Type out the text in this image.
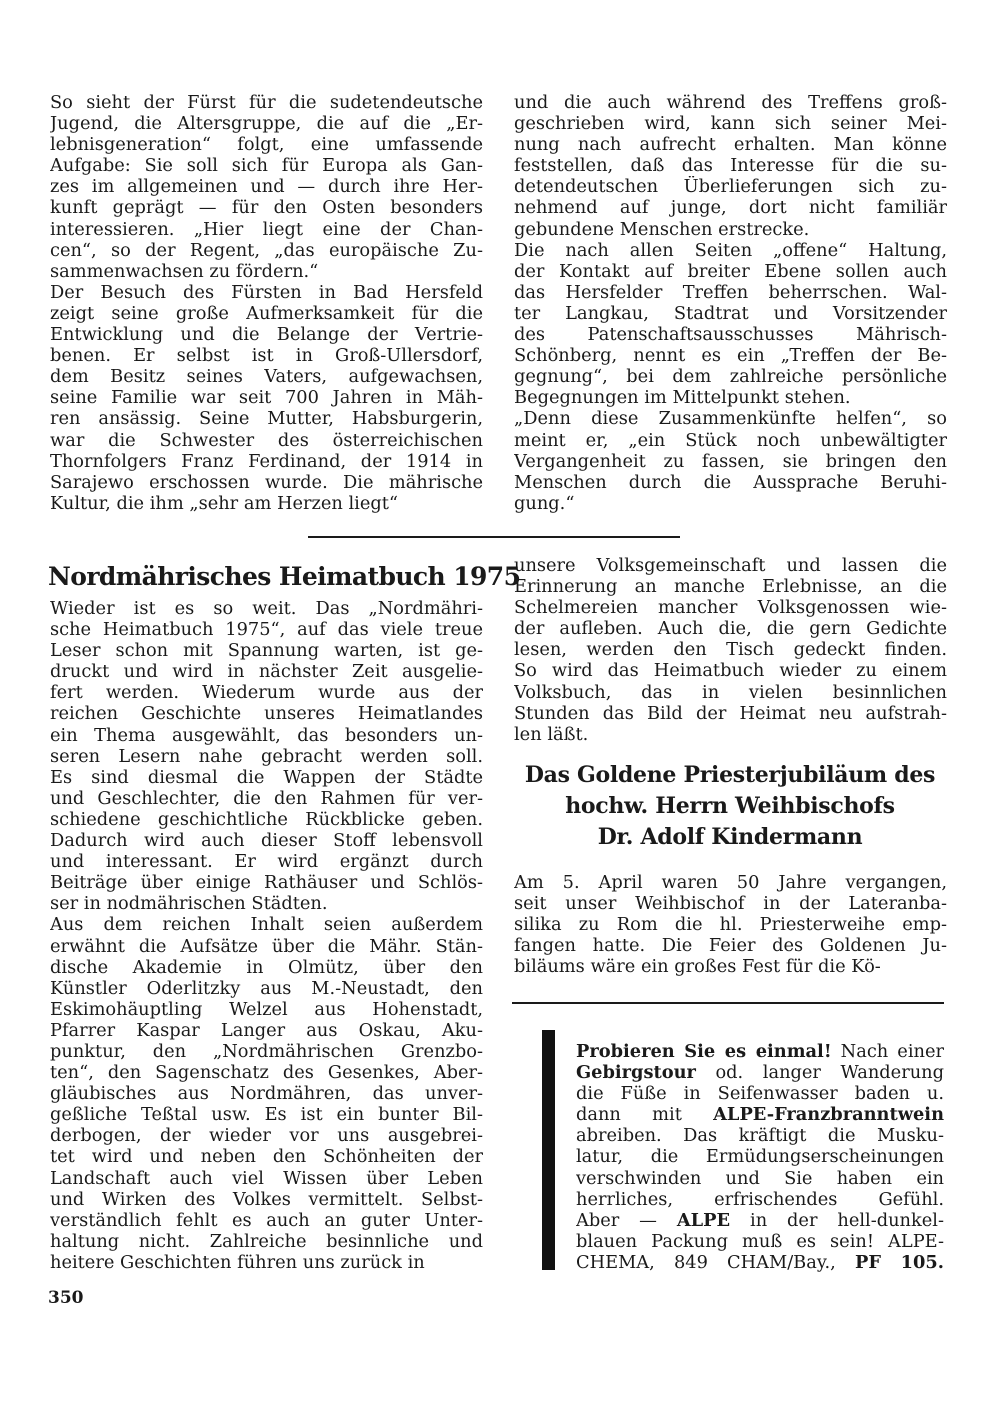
So sieht der Fürst für die sudetendeutsche
Jugend, die Altersgruppe, die auf die „Er-
lebnisgeneration“ folgt, eine umfassende
Aufgabe: Sie soll sich für Europa als Gan-
zes im allgemeinen und — durch ihre Her-
kunft geprägt — für den Osten besonders
interessieren. „Hier liegt eine der Chan-
cen“, so der Regent, „das europäische Zu-
sammenwachsen zu fördern.“
Der Besuch des Fürsten in Bad Hersfeld
zeigt seine große Aufmerksamkeit für die
Entwicklung und die Belange der Vertrie-
benen. Er selbst ist in Groß-Ullersdorf,
dem Besitz seines Vaters, aufgewachsen,
seine Familie war seit 700 Jahren in Mäh-
ren ansässig. Seine Mutter, Habsburgerin,
war die Schwester des österreichischen
Thornfolgers Franz Ferdinand, der 1914 in
Sarajewo erschossen wurde. Die mährische
Kultur, die ihm „sehr am Herzen liegt“
und die auch während des Treffens groß-
geschrieben wird, kann sich seiner Mei-
nung nach aufrecht erhalten. Man könne
feststellen, daß das Interesse für die su-
detendeutschen Überlieferungen sich zu-
nehmend auf junge, dort nicht familiär
gebundene Menschen erstrecke.
Die nach allen Seiten „offene“ Haltung,
der Kontakt auf breiter Ebene sollen auch
das Hersfelder Treffen beherrschen. Wal-
ter Langkau, Stadtrat und Vorsitzender
des Patenschaftsausschusses Mährisch-
Schönberg, nennt es ein „Treffen der Be-
gegnung“, bei dem zahlreiche persönliche
Begegnungen im Mittelpunkt stehen.
„Denn diese Zusammenkünfte helfen“, so
meint er, „ein Stück noch unbewältigter
Vergangenheit zu fassen, sie bringen den
Menschen durch die Aussprache Beruhi-
gung.“
Nordmährisches Heimatbuch 1975
Wieder ist es so weit. Das „Nordmähri-
sche Heimatbuch 1975“, auf das viele treue
Leser schon mit Spannung warten, ist ge-
druckt und wird in nächster Zeit ausgelie-
fert werden. Wiederum wurde aus der
reichen Geschichte unseres Heimatlandes
ein Thema ausgewählt, das besonders un-
seren Lesern nahe gebracht werden soll.
Es sind diesmal die Wappen der Städte
und Geschlechter, die den Rahmen für ver-
schiedene geschichtliche Rückblicke geben.
Dadurch wird auch dieser Stoff lebensvoll
und interessant. Er wird ergänzt durch
Beiträge über einige Rathäuser und Schlös-
ser in nodmährischen Städten.
Aus dem reichen Inhalt seien außerdem
erwähnt die Aufsätze über die Mähr. Stän-
dische Akademie in Olmütz, über den
Künstler Oderlitzky aus M.-Neustadt, den
Eskimohäuptling Welzel aus Hohenstadt,
Pfarrer Kaspar Langer aus Oskau, Aku-
punktur, den „Nordmährischen Grenzbo-
ten“, den Sagenschatz des Gesenkes, Aber-
gläubisches aus Nordmähren, das unver-
geßliche Teßtal usw. Es ist ein bunter Bil-
derbogen, der wieder vor uns ausgebrei-
tet wird und neben den Schönheiten der
Landschaft auch viel Wissen über Leben
und Wirken des Volkes vermittelt. Selbst-
verständlich fehlt es auch an guter Unter-
haltung nicht. Zahlreiche besinnliche und
heitere Geschichten führen uns zurück in
unsere Volksgemeinschaft und lassen die
Erinnerung an manche Erlebnisse, an die
Schelmereien mancher Volksgenossen wie-
der aufleben. Auch die, die gern Gedichte
lesen, werden den Tisch gedeckt finden.
So wird das Heimatbuch wieder zu einem
Volksbuch, das in vielen besinnlichen
Stunden das Bild der Heimat neu aufstrah-
len läßt.
Das Goldene Priesterjubiläum des
hochw. Herrn Weihbischofs
Dr. Adolf Kindermann
Am 5. April waren 50 Jahre vergangen,
seit unser Weihbischof in der Lateranba-
silika zu Rom die hl. Priesterweihe emp-
fangen hatte. Die Feier des Goldenen Ju-
biläums wäre ein großes Fest für die Kö-
Probieren Sie es einmal! Nach einer
Gebirgstour od. langer Wanderung
die Füße in Seifenwasser baden u.
dann mit ALPE-Franzbranntwein
abreiben. Das kräftigt die Musku-
latur, die Ermüdungserscheinungen
verschwinden und Sie haben ein
herrliches, erfrischendes Gefühl.
Aber — ALPE in der hell-dunkel-
blauen Packung muß es sein! ALPE-
CHEMA, 849 CHAM/Bay., PF 105.
350
